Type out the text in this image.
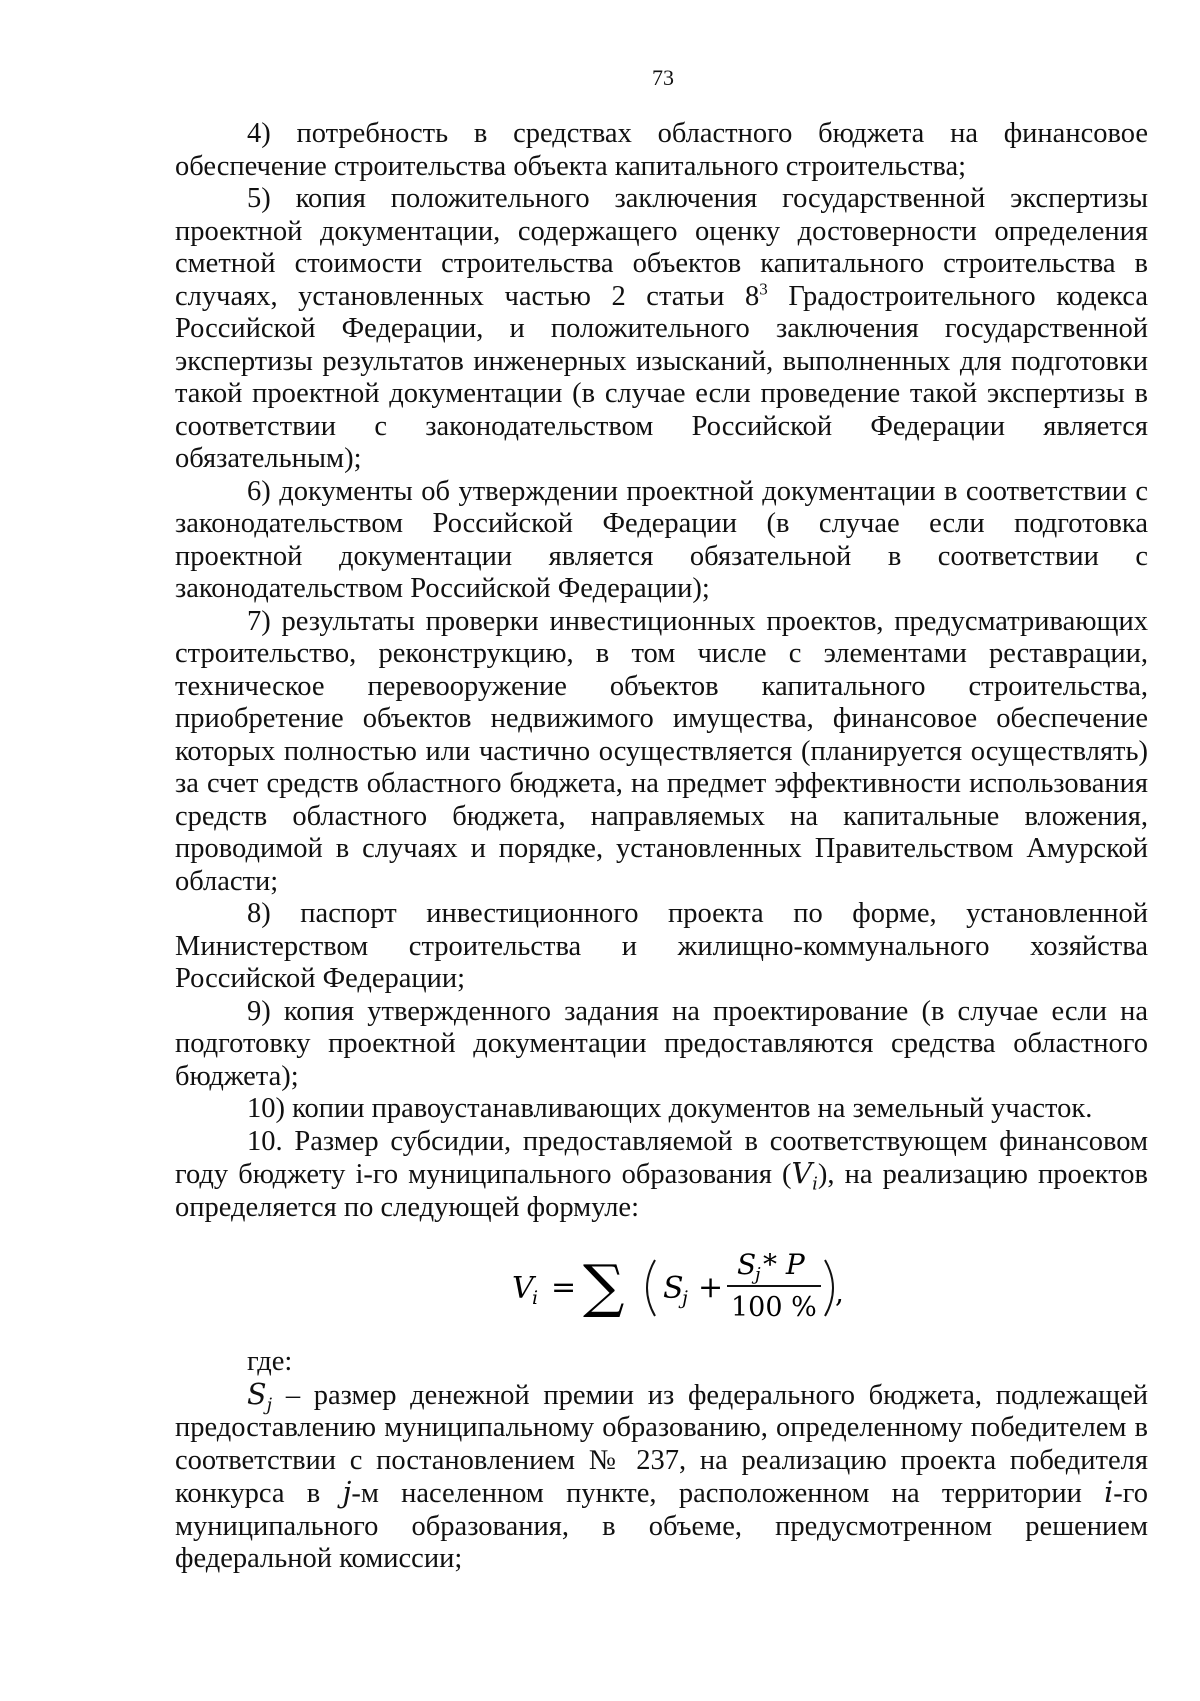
73

4) потребность в средствах областного бюджета на финансовое обеспечение строительства объекта капитального строительства;

5) копия положительного заключения государственной экспертизы проектной документации, содержащего оценку достоверности определения сметной стоимости строительства объектов капитального строительства в случаях, установленных частью 2 статьи $8^3$ Градостроительного кодекса Российской Федерации, и положительного заключения государственной экспертизы результатов инженерных изысканий, выполненных для подготовки такой проектной документации (в случае если проведение такой экспертизы в соответствии с законодательством Российской Федерации является обязательным);

6) документы об утверждении проектной документации в соответствии с законодательством Российской Федерации (в случае если подготовка проектной документации является обязательной в соответствии с законодательством Российской Федерации);

7) результаты проверки инвестиционных проектов, предусматривающих строительство, реконструкцию, в том числе с элементами реставрации, техническое перевооружение объектов капитального строительства, приобретение объектов недвижимого имущества, финансовое обеспечение которых полностью или частично осуществляется (планируется осуществлять) за счет средств областного бюджета, на предмет эффективности использования средств областного бюджета, направляемых на капитальные вложения, проводимой в случаях и порядке, установленных Правительством Амурской области;

8) паспорт инвестиционного проекта по форме, установленной Министерством строительства и жилищно-коммунального хозяйства Российской Федерации;

9) копия утвержденного задания на проектирование (в случае если на подготовку проектной документации предоставляются средства областного бюджета);

10) копии правоустанавливающих документов на земельный участок.

10. Размер субсидии, предоставляемой в соответствующем финансовом году бюджету i-го муниципального образования $(V_i)$, на реализацию проектов определяется по следующей формуле:

V
i = ∑ S
j +
S
j * P
100 % ,

где:

$S_j$ – размер денежной премии из федерального бюджета, подлежащей предоставлению муниципальному образованию, определенному победителем в соответствии с постановлением № 237, на реализацию проекта победителя конкурса в j-м населенном пункте, расположенном на территории i-го муниципального образования, в объеме, предусмотренном решением федеральной комиссии;
